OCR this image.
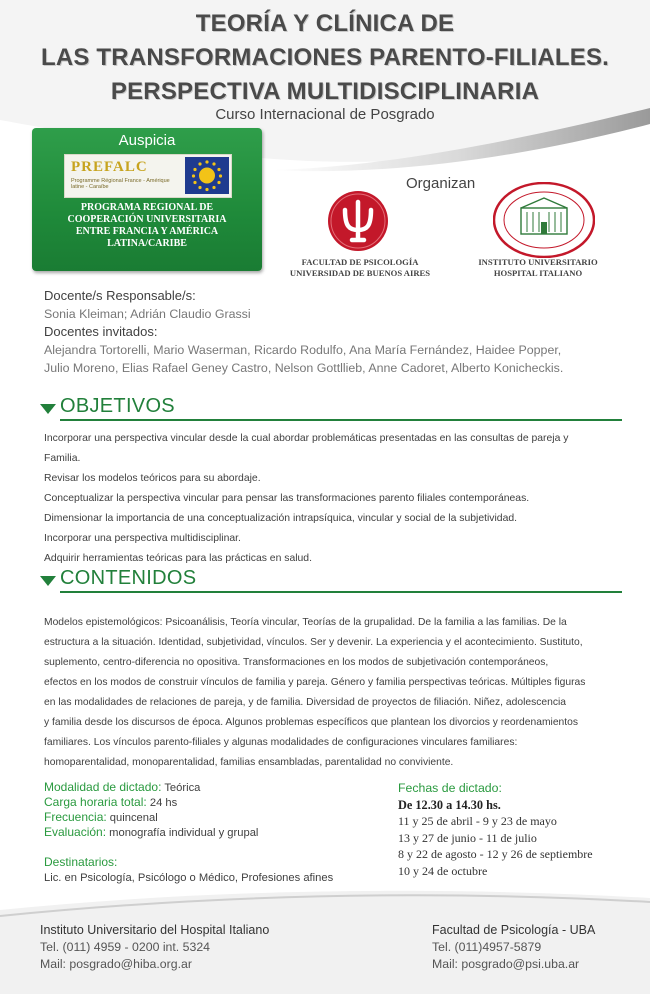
TEORÍA Y CLÍNICA DE
LAS TRANSFORMACIONES PARENTO-FILIALES.
PERSPECTIVA MULTIDISCIPLINARIA
Curso Internacional de Posgrado
Auspicia
PREFALC
Programme Régional France - Amérique latine - Caraïbe
PROGRAMA REGIONAL DE
COOPERACIÓN UNIVERSITARIA
ENTRE FRANCIA Y AMÉRICA
LATINA/CARIBE
Organizan
FACULTAD DE PSICOLOGÍA
UNIVERSIDAD DE BUENOS AIRES
INSTITUTO UNIVERSITARIO
HOSPITAL ITALIANO
Docente/s Responsable/s:
Sonia Kleiman; Adrián Claudio Grassi
Docentes invitados:
Alejandra Tortorelli, Mario Waserman, Ricardo Rodulfo, Ana María Fernández, Haidee Popper,
Julio Moreno, Elias Rafael Geney Castro, Nelson Gottllieb, Anne Cadoret, Alberto Konicheckis.
OBJETIVOS

Incorporar una perspectiva vincular desde la cual abordar problemáticas presentadas en las consultas de pareja y

Familia.

Revisar los modelos teóricos para su abordaje.

Conceptualizar la perspectiva vincular para pensar las transformaciones parento filiales contemporáneas.

Dimensionar la importancia de una conceptualización intrapsíquica, vincular y social de la subjetividad.

Incorporar una perspectiva multidisciplinar.

Adquirir herramientas teóricas para las prácticas en salud.

CONTENIDOS

Modelos epistemológicos: Psicoanálisis, Teoría vincular, Teorías de la grupalidad. De la familia a las familias. De la

estructura a la situación. Identidad, subjetividad, vínculos. Ser y devenir. La experiencia y el acontecimiento. Sustituto,

suplemento, centro-diferencia no opositiva. Transformaciones en los modos de subjetivación contemporáneos,

efectos en los modos de construir vínculos de familia y pareja. Género y familia perspectivas teóricas. Múltiples figuras

en las modalidades de relaciones de pareja, y de familia. Diversidad de proyectos de filiación. Niñez, adolescencia

y familia desde los discursos de época. Algunos problemas específicos que plantean los divorcios y reordenamientos

familiares. Los vínculos parento-filiales y algunas modalidades de configuraciones vinculares familiares:

homoparentalidad, monoparentalidad, familias ensambladas, parentalidad no conviviente.

Modalidad de dictado: Teórica
Carga horaria total: 24 hs
Frecuencia: quincenal
Evaluación: monografía individual y grupal
Destinatarios:
Lic. en Psicología, Psicólogo o Médico, Profesiones afines
Fechas de dictado:
De 12.30 a 14.30 hs.
11 y 25 de abril - 9 y 23 de mayo
13 y 27 de junio - 11 de julio
8 y 22 de agosto - 12 y 26 de septiembre
10 y 24 de octubre
Instituto Universitario del Hospital Italiano
Tel. (011) 4959 - 0200 int. 5324
Mail: posgrado@hiba.org.ar
Facultad de Psicología - UBA
Tel. (011)4957-5879
Mail: posgrado@psi.uba.ar
